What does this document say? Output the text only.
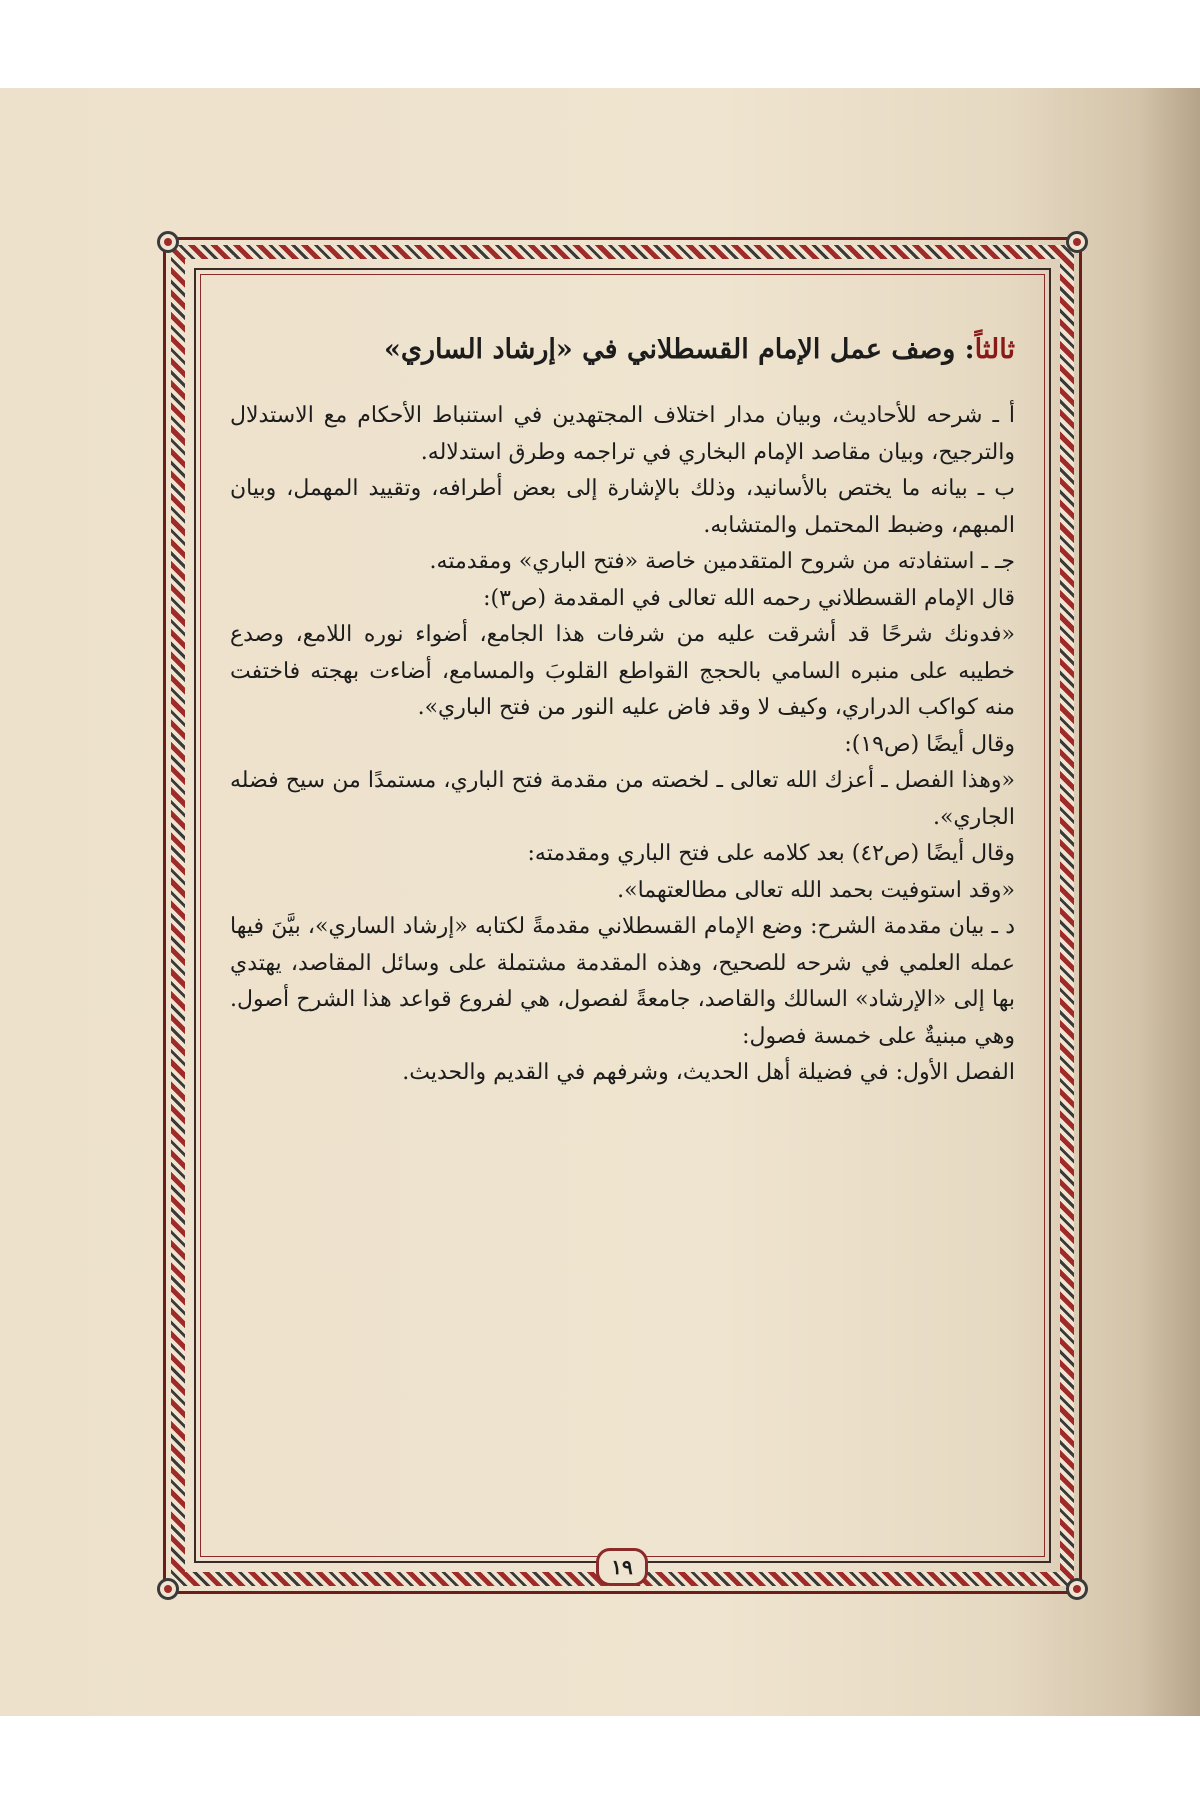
ثالثاً: وصف عمل الإمام القسطلاني في «إرشاد الساري»

أ ـ شرحه للأحاديث، وبيان مدار اختلاف المجتهدين في استنباط الأحكام مع الاستدلال والترجيح، وبيان مقاصد الإمام البخاري في تراجمه وطرق استدلاله.

ب ـ بيانه ما يختص بالأسانيد، وذلك بالإشارة إلى بعض أطرافه، وتقييد المهمل، وبيان المبهم، وضبط المحتمل والمتشابه.

جـ ـ استفادته من شروح المتقدمين خاصة «فتح الباري» ومقدمته.

قال الإمام القسطلاني رحمه الله تعالى في المقدمة (ص٣):

«فدونك شرحًا قد أشرقت عليه من شرفات هذا الجامع، أضواء نوره اللامع، وصدع خطيبه على منبره السامي بالحجج القواطع القلوبَ والمسامع، أضاءت بهجته فاختفت منه كواكب الدراري، وكيف لا وقد فاض عليه النور من فتح الباري».

وقال أيضًا (ص١٩):

«وهذا الفصل ـ أعزك الله تعالى ـ لخصته من مقدمة فتح الباري، مستمدًا من سيح فضله الجاري».

وقال أيضًا (ص٤٢) بعد كلامه على فتح الباري ومقدمته:

«وقد استوفيت بحمد الله تعالى مطالعتهما».

د ـ بيان مقدمة الشرح: وضع الإمام القسطلاني مقدمةً لكتابه «إرشاد الساري»، بيَّنَ فيها عمله العلمي في شرحه للصحيح، وهذه المقدمة مشتملة على وسائل المقاصد، يهتدي بها إلى «الإرشاد» السالك والقاصد، جامعةً لفصول، هي لفروع قواعد هذا الشرح أصول. وهي مبنيةٌ على خمسة فصول:

الفصل الأول: في فضيلة أهل الحديث، وشرفهم في القديم والحديث.

١٩
